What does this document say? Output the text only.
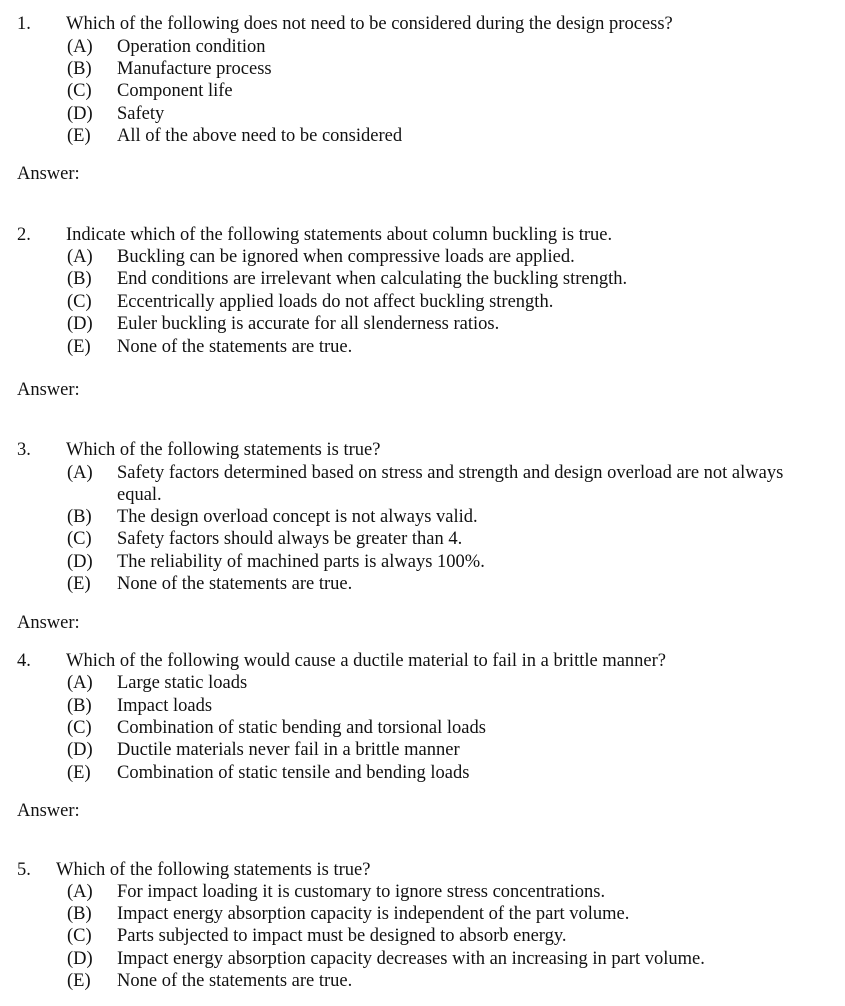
1. Which of the following does not need to be considered during the design process?
(A) Operation condition
(B) Manufacture process
(C) Component life
(D) Safety
(E) All of the above need to be considered
Answer:
2. Indicate which of the following statements about column buckling is true.
(A) Buckling can be ignored when compressive loads are applied.
(B) End conditions are irrelevant when calculating the buckling strength.
(C) Eccentrically applied loads do not affect buckling strength.
(D) Euler buckling is accurate for all slenderness ratios.
(E) None of the statements are true.
Answer:
3. Which of the following statements is true?
(A) Safety factors determined based on stress and strength and design overload are not always
equal.
(B) The design overload concept is not always valid.
(C) Safety factors should always be greater than 4.
(D) The reliability of machined parts is always 100%.
(E) None of the statements are true.
Answer:
4. Which of the following would cause a ductile material to fail in a brittle manner?
(A) Large static loads
(B) Impact loads
(C) Combination of static bending and torsional loads
(D) Ductile materials never fail in a brittle manner
(E) Combination of static tensile and bending loads
Answer:
5. Which of the following statements is true?
(A) For impact loading it is customary to ignore stress concentrations.
(B) Impact energy absorption capacity is independent of the part volume.
(C) Parts subjected to impact must be designed to absorb energy.
(D) Impact energy absorption capacity decreases with an increasing in part volume.
(E) None of the statements are true.
